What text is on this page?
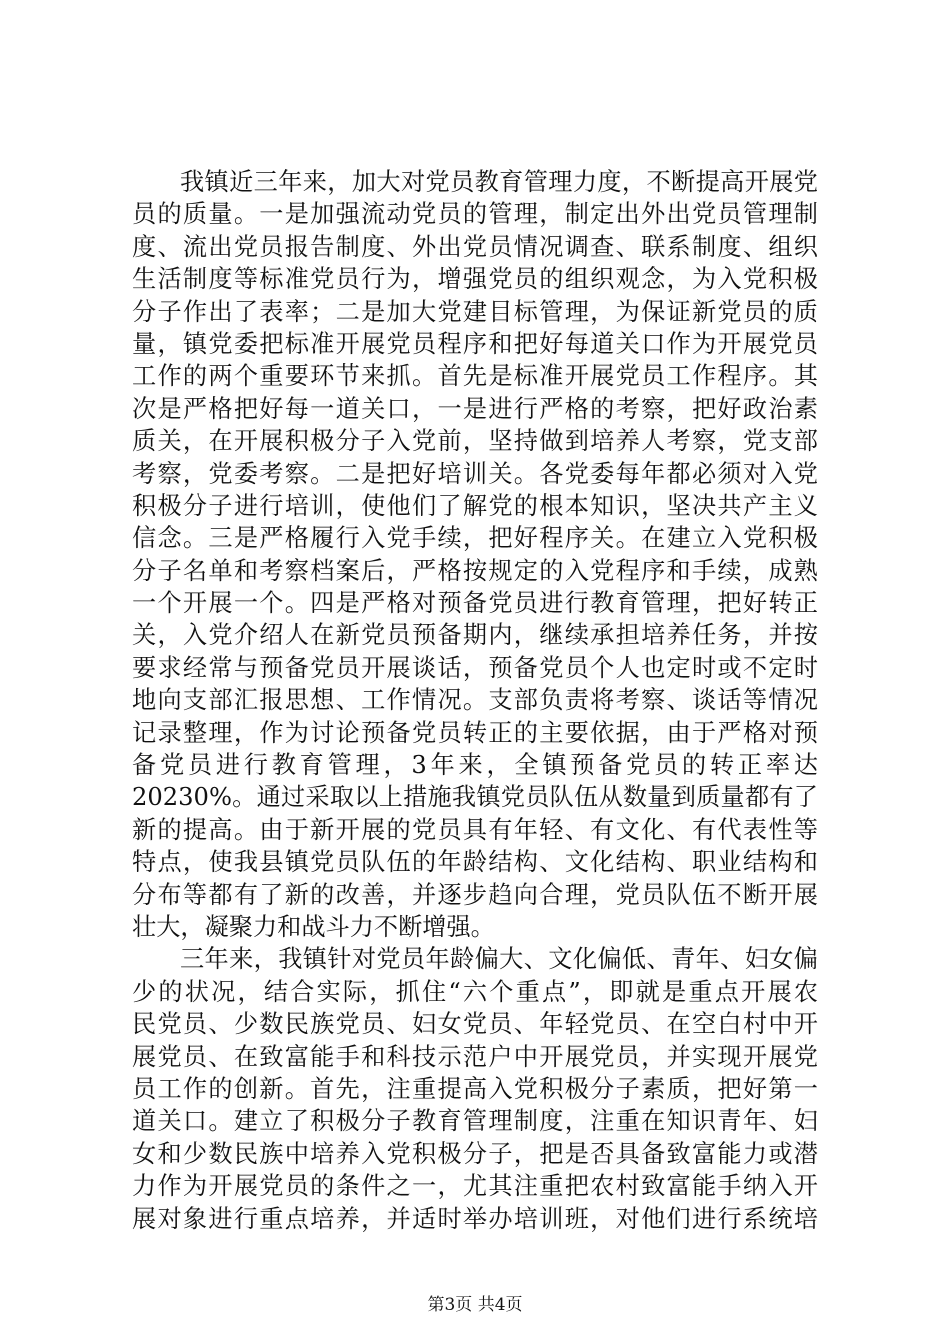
我镇近三年来，加大对党员教育管理力度，不断提高开展党
员的质量。一是加强流动党员的管理，制定出外出党员管理制
度、流出党员报告制度、外出党员情况调查、联系制度、组织
生活制度等标准党员行为，增强党员的组织观念，为入党积极
分子作出了表率；二是加大党建目标管理，为保证新党员的质
量，镇党委把标准开展党员程序和把好每道关口作为开展党员
工作的两个重要环节来抓。首先是标准开展党员工作程序。其
次是严格把好每一道关口，一是进行严格的考察，把好政治素
质关，在开展积极分子入党前，坚持做到培养人考察，党支部
考察，党委考察。二是把好培训关。各党委每年都必须对入党
积极分子进行培训，使他们了解党的根本知识，坚决共产主义
信念。三是严格履行入党手续，把好程序关。在建立入党积极
分子名单和考察档案后，严格按规定的入党程序和手续，成熟
一个开展一个。四是严格对预备党员进行教育管理，把好转正
关，入党介绍人在新党员预备期内，继续承担培养任务，并按
要求经常与预备党员开展谈话，预备党员个人也定时或不定时
地向支部汇报思想、工作情况。支部负责将考察、谈话等情况
记录整理，作为讨论预备党员转正的主要依据，由于严格对预
备党员进行教育管理，3年来，全镇预备党员的转正率达
20230%。通过采取以上措施我镇党员队伍从数量到质量都有了
新的提高。由于新开展的党员具有年轻、有文化、有代表性等
特点，使我县镇党员队伍的年龄结构、文化结构、职业结构和
分布等都有了新的改善，并逐步趋向合理，党员队伍不断开展
壮大，凝聚力和战斗力不断增强。
三年来，我镇针对党员年龄偏大、文化偏低、青年、妇女偏
少的状况，结合实际，抓住“六个重点”，即就是重点开展农
民党员、少数民族党员、妇女党员、年轻党员、在空白村中开
展党员、在致富能手和科技示范户中开展党员，并实现开展党
员工作的创新。首先，注重提高入党积极分子素质，把好第一
道关口。建立了积极分子教育管理制度，注重在知识青年、妇
女和少数民族中培养入党积极分子，把是否具备致富能力或潜
力作为开展党员的条件之一，尤其注重把农村致富能手纳入开
展对象进行重点培养，并适时举办培训班，对他们进行系统培
第3页 共4页
